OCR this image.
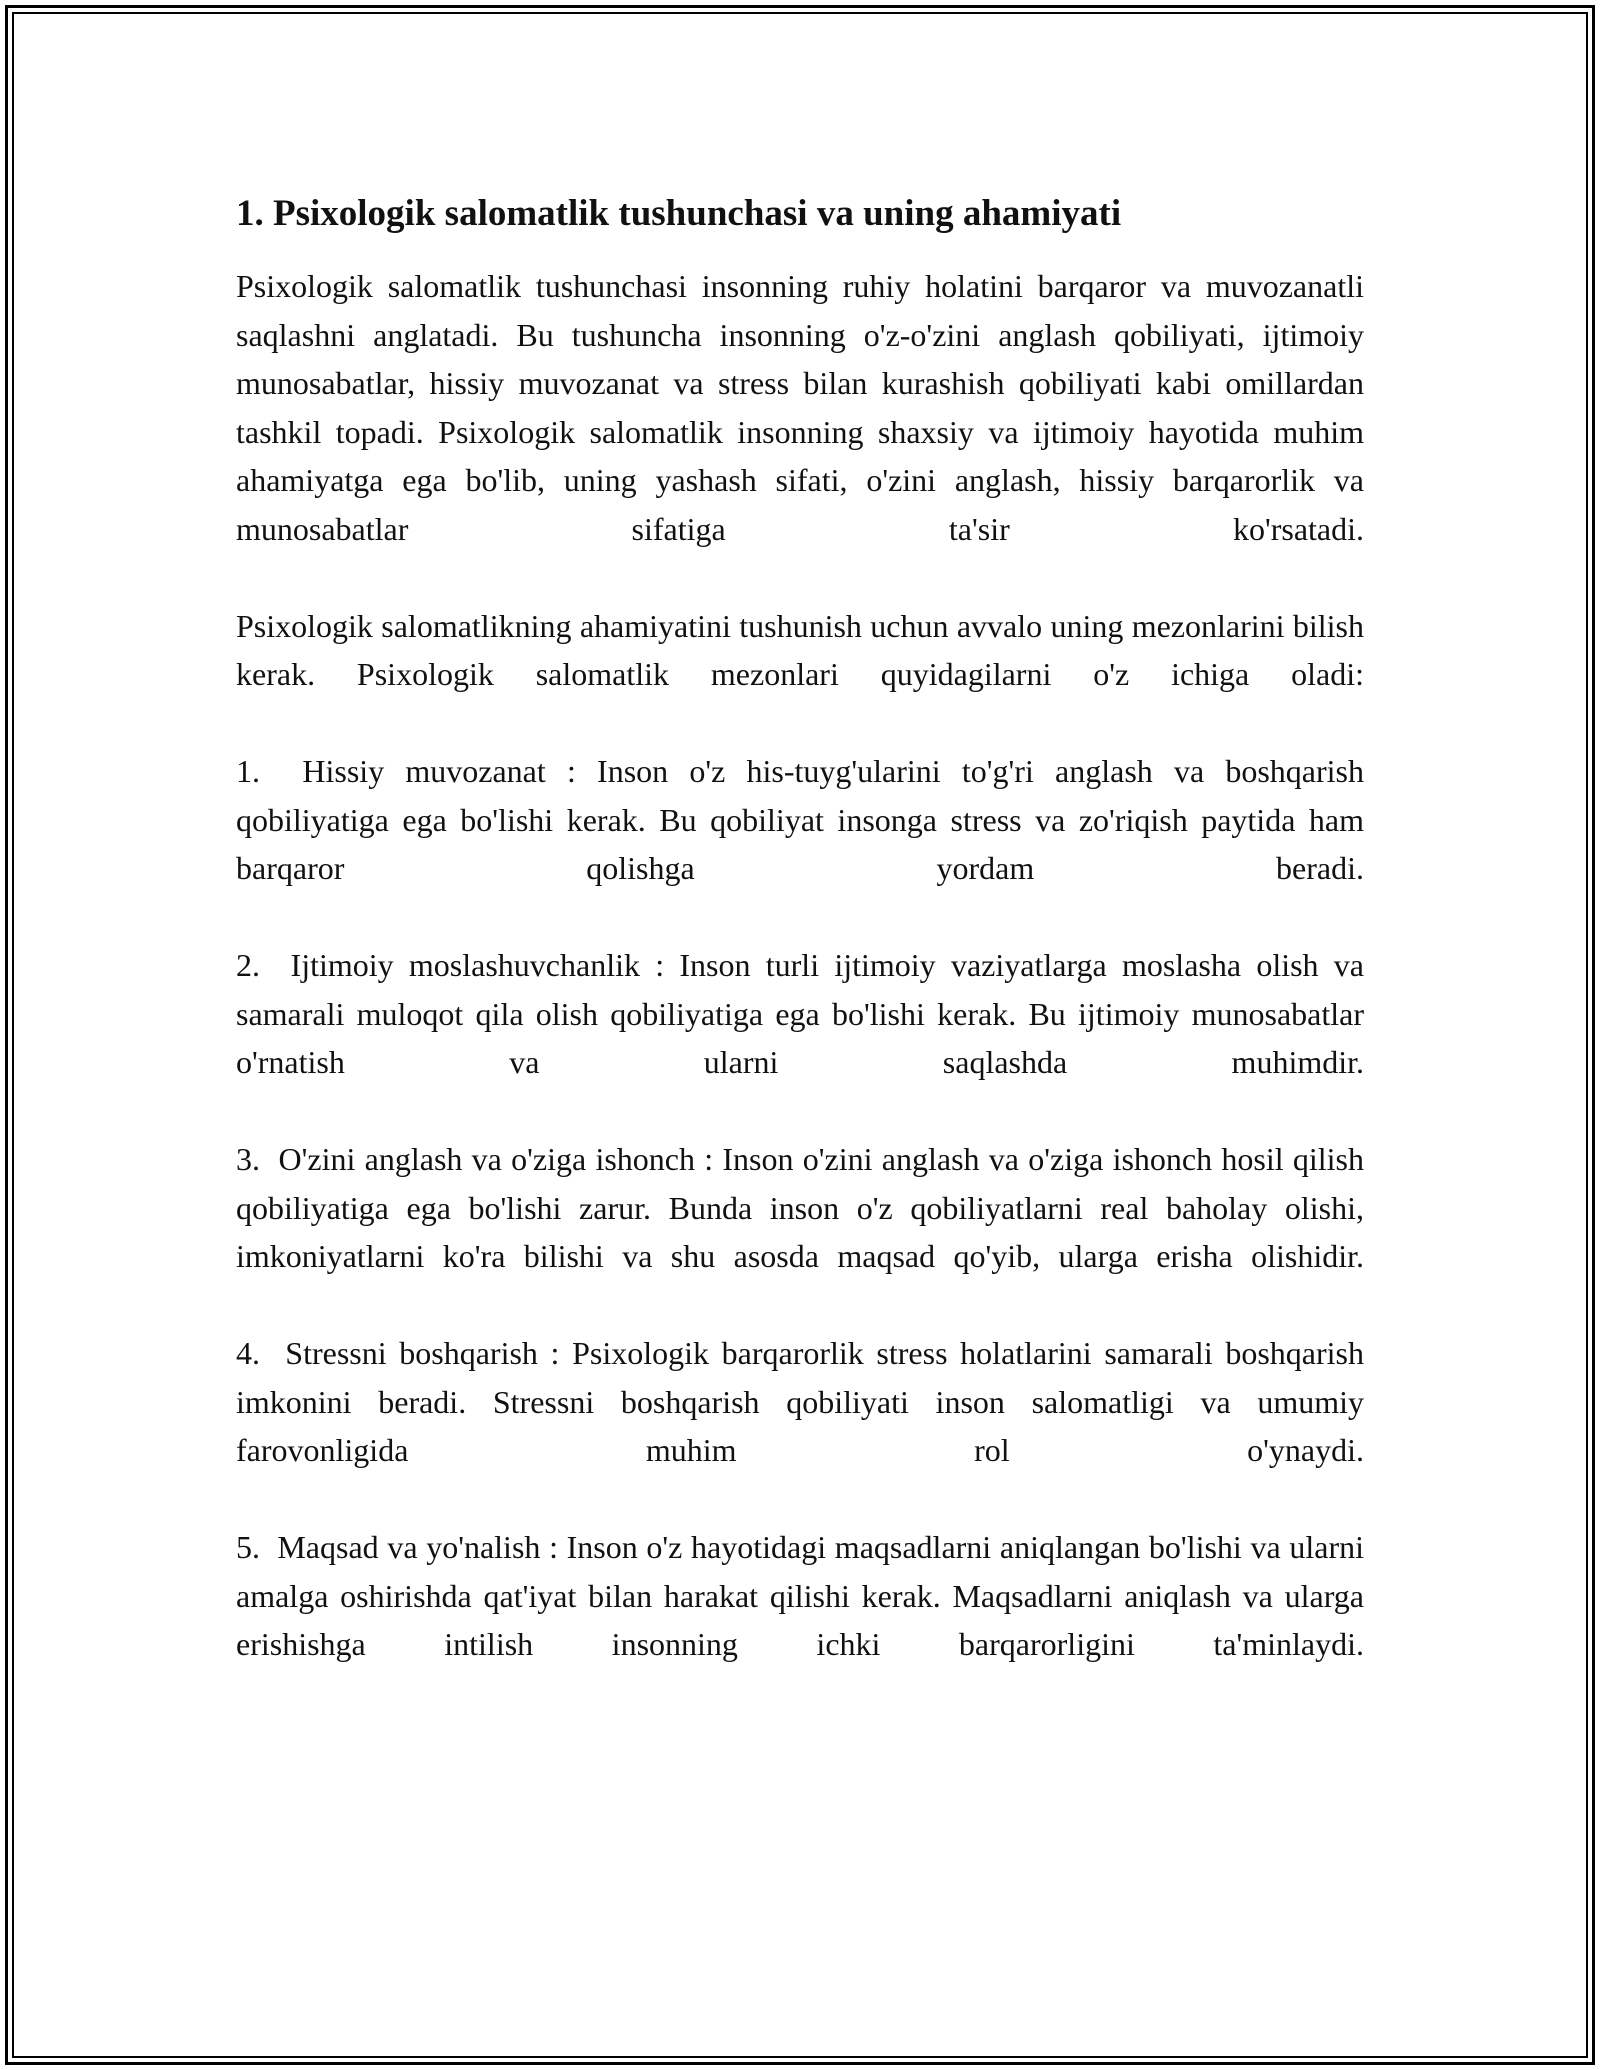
1. Psixologik salomatlik tushunchasi va uning ahamiyati

Psixologik salomatlik tushunchasi insonning ruhiy holatini barqaror va muvozanatli saqlashni anglatadi. Bu tushuncha insonning o'z-o'zini anglash qobiliyati, ijtimoiy munosabatlar, hissiy muvozanat va stress bilan kurashish qobiliyati kabi omillardan tashkil topadi. Psixologik salomatlik insonning shaxsiy va ijtimoiy hayotida muhim ahamiyatga ega bo'lib, uning yashash sifati, o'zini anglash, hissiy barqarorlik va munosabatlar sifatiga ta'sir ko'rsatadi.

Psixologik salomatlikning ahamiyatini tushunish uchun avvalo uning mezonlarini bilish kerak. Psixologik salomatlik mezonlari quyidagilarni o'z ichiga oladi:

1. Hissiy muvozanat : Inson o'z his-tuyg'ularini to'g'ri anglash va boshqarish qobiliyatiga ega bo'lishi kerak. Bu qobiliyat insonga stress va zo'riqish paytida ham barqaror qolishga yordam beradi.

2. Ijtimoiy moslashuvchanlik : Inson turli ijtimoiy vaziyatlarga moslasha olish va samarali muloqot qila olish qobiliyatiga ega bo'lishi kerak. Bu ijtimoiy munosabatlar o'rnatish va ularni saqlashda muhimdir.

3. O'zini anglash va o'ziga ishonch : Inson o'zini anglash va o'ziga ishonch hosil qilish qobiliyatiga ega bo'lishi zarur. Bunda inson o'z qobiliyatlarni real baholay olishi, imkoniyatlarni ko'ra bilishi va shu asosda maqsad qo'yib, ularga erisha olishidir.

4. Stressni boshqarish : Psixologik barqarorlik stress holatlarini samarali boshqarish imkonini beradi. Stressni boshqarish qobiliyati inson salomatligi va umumiy farovonligida muhim rol o'ynaydi.

5. Maqsad va yo'nalish : Inson o'z hayotidagi maqsadlarni aniqlangan bo'lishi va ularni amalga oshirishda qat'iyat bilan harakat qilishi kerak. Maqsadlarni aniqlash va ularga erishishga intilish insonning ichki barqarorligini ta'minlaydi.
